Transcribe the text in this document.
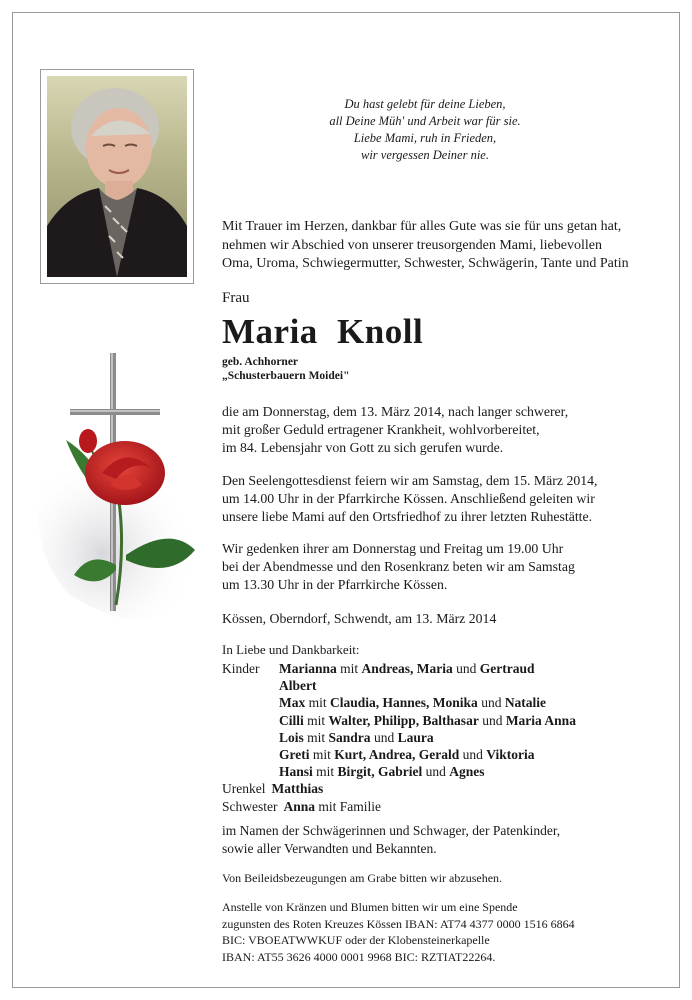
Du hast gelebt für deine Lieben,
all Deine Müh' und Arbeit war für sie.
Liebe Mami, ruh in Frieden,
wir vergessen Deiner nie.
Mit Trauer im Herzen, dankbar für alles Gute was sie für uns getan hat,
nehmen wir Abschied von unserer treusorgenden Mami, liebevollen
Oma, Uroma, Schwiegermutter, Schwester, Schwägerin, Tante und Patin
Frau
Maria Knoll
geb. Achhorner
„Schusterbauern Moidei"
die am Donnerstag, dem 13. März 2014, nach langer schwerer,
mit großer Geduld ertragener Krankheit, wohlvorbereitet,
im 84. Lebensjahr von Gott zu sich gerufen wurde.
Den Seelengottesdienst feiern wir am Samstag, dem 15. März 2014,
um 14.00 Uhr in der Pfarrkirche Kössen. Anschließend geleiten wir
unsere liebe Mami auf den Ortsfriedhof zu ihrer letzten Ruhestätte.
Wir gedenken ihrer am Donnerstag und Freitag um 19.00 Uhr
bei der Abendmesse und den Rosenkranz beten wir am Samstag
um 13.30 Uhr in der Pfarrkirche Kössen.
Kössen, Oberndorf, Schwendt, am 13. März 2014
In Liebe und Dankbarkeit:
Kinder	Marianna mit Andreas, Maria und Gertraud
Albert
Max mit Claudia, Hannes, Monika und Natalie
Cilli mit Walter, Philipp, Balthasar und Maria Anna
Lois mit Sandra und Laura
Greti mit Kurt, Andrea, Gerald und Viktoria
Hansi mit Birgit, Gabriel und Agnes
Urenkel Matthias
Schwester Anna mit Familie
im Namen der Schwägerinnen und Schwager, der Patenkinder,
sowie aller Verwandten und Bekannten.
Von Beileidsbezeugungen am Grabe bitten wir abzusehen.
Anstelle von Kränzen und Blumen bitten wir um eine Spende
zugunsten des Roten Kreuzes Kössen IBAN: AT74 4377 0000 1516 6864
BIC: VBOEATWWKUF oder der Klobensteinerkapelle
IBAN: AT55 3626 4000 0001 9968 BIC: RZTIAT22264.
